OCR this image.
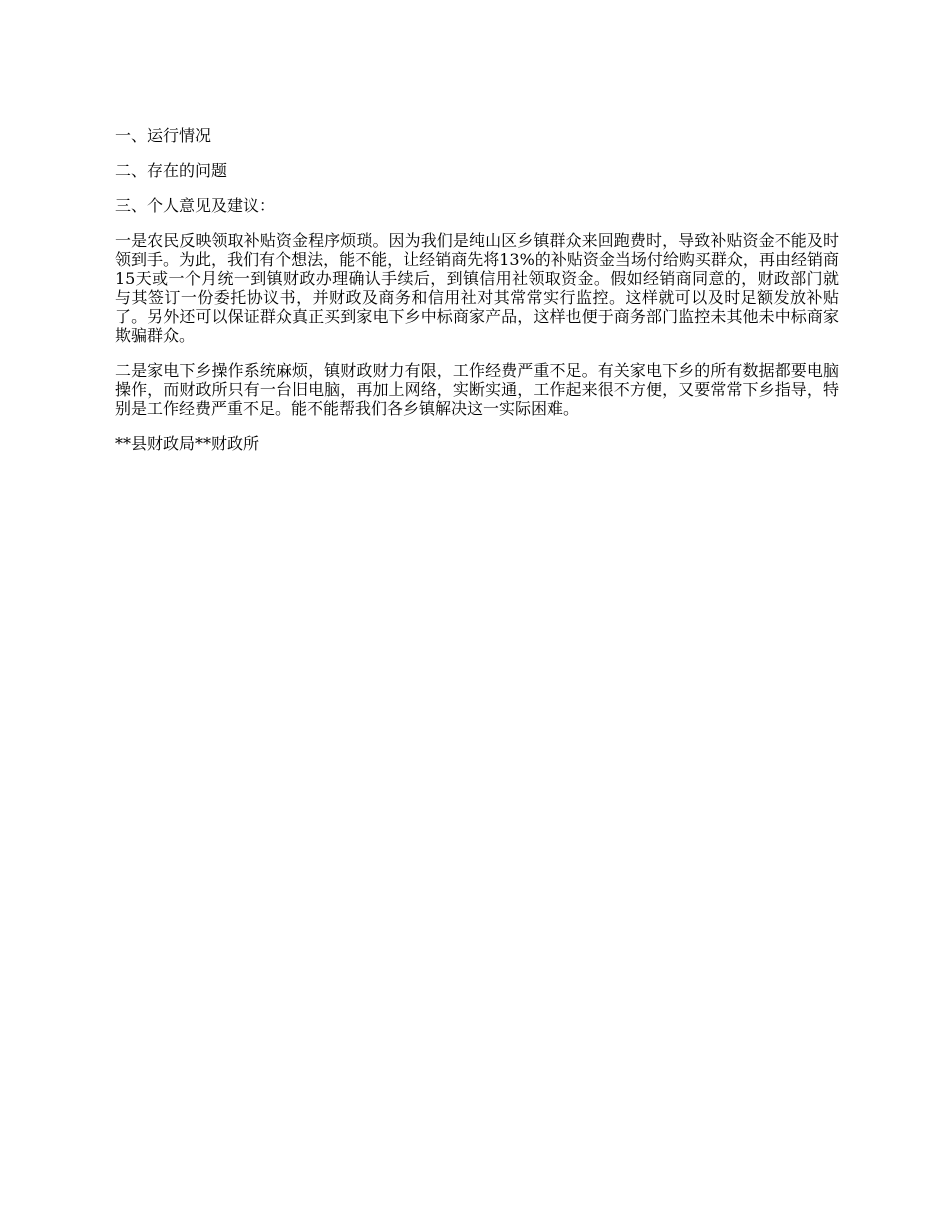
一、运行情况

二、存在的问题

三、个人意见及建议：

一是农民反映领取补贴资金程序烦琐。因为我们是纯山区乡镇群众来回跑费时，导致补贴资金不能及时领到手。为此，我们有个想法，能不能，让经销商先将13%的补贴资金当场付给购买群众，再由经销商15天或一个月统一到镇财政办理确认手续后，到镇信用社领取资金。假如经销商同意的，财政部门就与其签订一份委托协议书，并财政及商务和信用社对其常常实行监控。这样就可以及时足额发放补贴了。另外还可以保证群众真正买到家电下乡中标商家产品，这样也便于商务部门监控未其他未中标商家欺骗群众。

二是家电下乡操作系统麻烦，镇财政财力有限，工作经费严重不足。有关家电下乡的所有数据都要电脑操作，而财政所只有一台旧电脑，再加上网络，实断实通，工作起来很不方便，又要常常下乡指导，特别是工作经费严重不足。能不能帮我们各乡镇解决这一实际困难。

**县财政局**财政所
